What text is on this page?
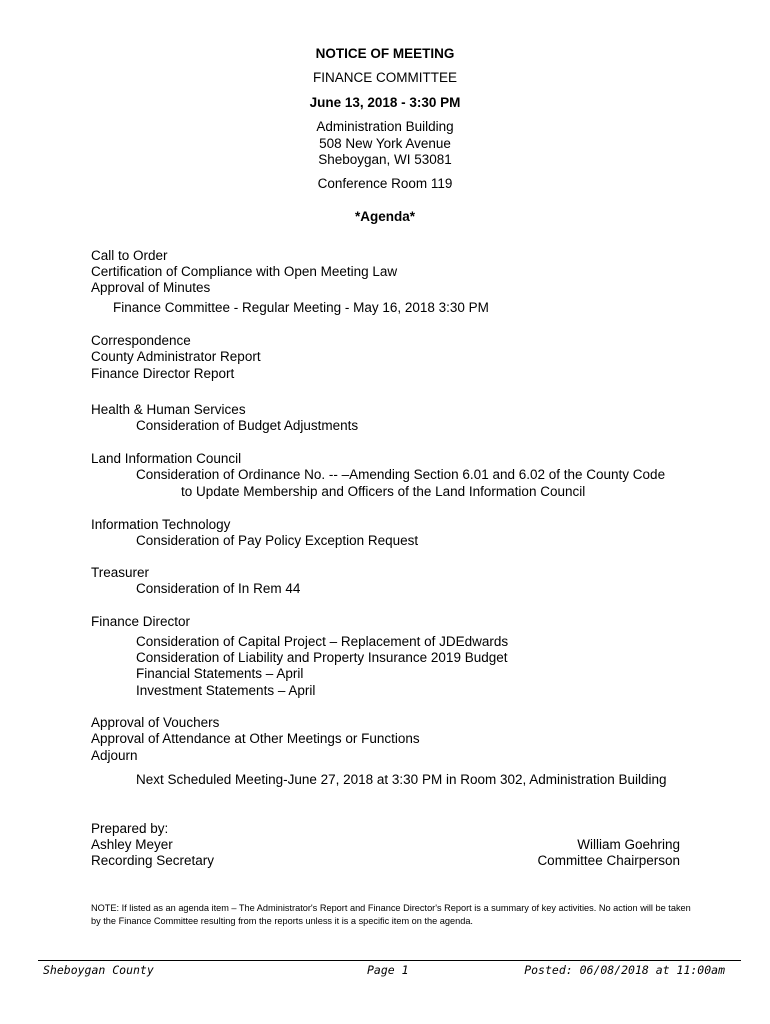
NOTICE OF MEETING
FINANCE COMMITTEE
June 13, 2018 - 3:30 PM
Administration Building
508 New York Avenue
Sheboygan, WI 53081
Conference Room 119
*Agenda*
Call to Order
Certification of Compliance with Open Meeting Law
Approval of Minutes
Finance Committee - Regular Meeting - May 16, 2018 3:30 PM
Correspondence
County Administrator Report
Finance Director Report
Health & Human Services
Consideration of Budget Adjustments
Land Information Council
Consideration of Ordinance No. -- –Amending Section 6.01 and 6.02 of the County Code
to Update Membership and Officers of the Land Information Council
Information Technology
Consideration of Pay Policy Exception Request
Treasurer
Consideration of In Rem 44
Finance Director
Consideration of Capital Project – Replacement of JDEdwards
Consideration of Liability and Property Insurance 2019 Budget
Financial Statements – April
Investment Statements – April
Approval of Vouchers
Approval of Attendance at Other Meetings or Functions
Adjourn
Next Scheduled Meeting-June 27, 2018 at 3:30 PM in Room 302, Administration Building
Prepared by:
Ashley Meyer
Recording Secretary
William Goehring
Committee Chairperson
NOTE: If listed as an agenda item – The Administrator's Report and Finance Director's Report is a summary of key activities. No action will be taken by the Finance Committee resulting from the reports unless it is a specific item on the agenda.
Sheboygan County	Page 1	Posted: 06/08/2018 at 11:00am
